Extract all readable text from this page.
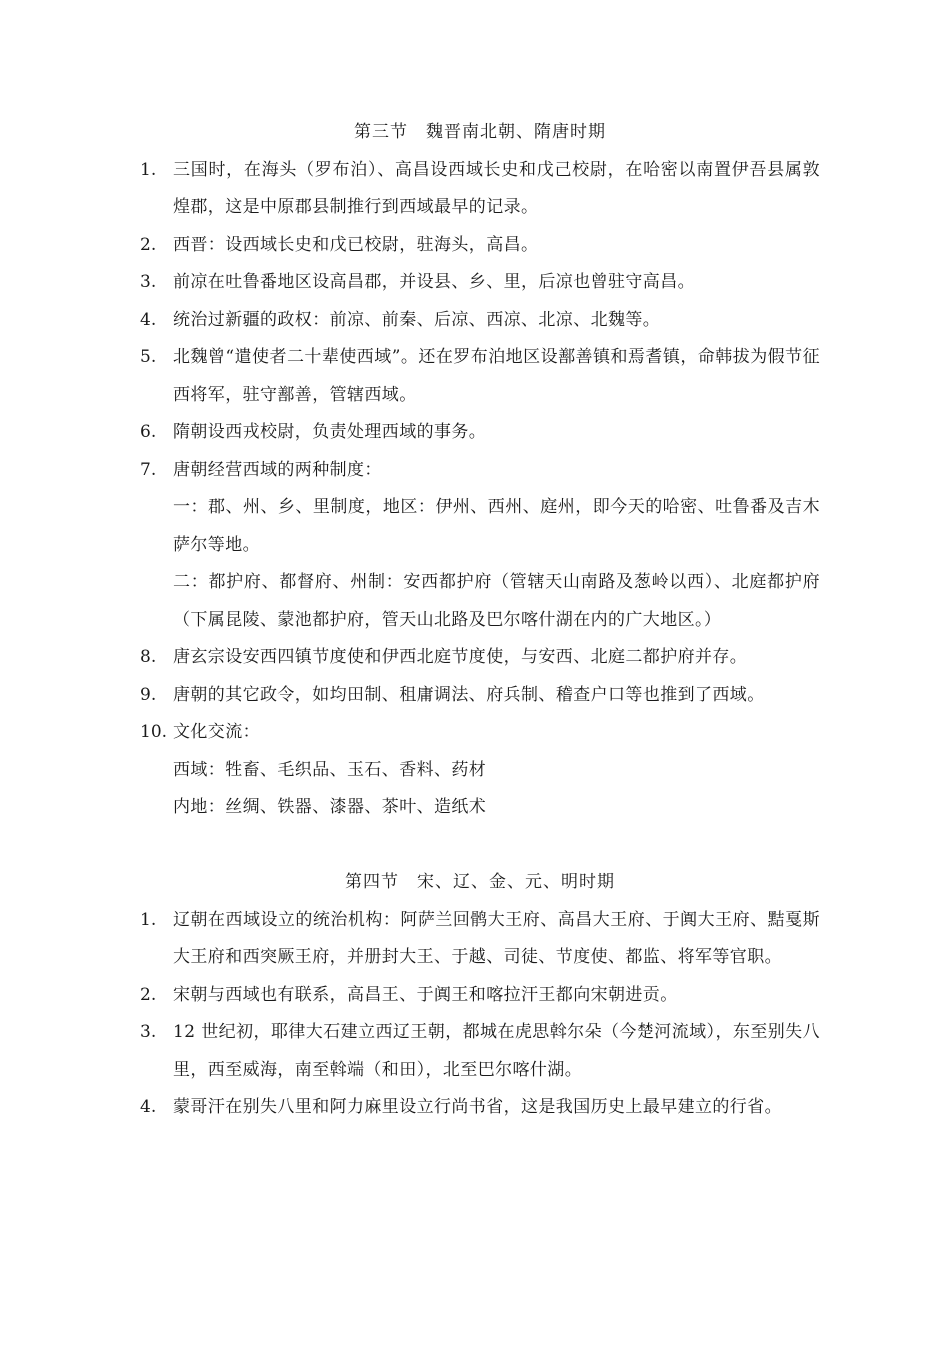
第三节 魏晋南北朝、隋唐时期

1. 三国时，在海头（罗布泊）、高昌设西域长史和戊己校尉，在哈密以南置伊吾县属敦煌郡，这是中原郡县制推行到西域最早的记录。

2. 西晋：设西域长史和戊已校尉，驻海头，高昌。

3. 前凉在吐鲁番地区设高昌郡，并设县、乡、里，后凉也曾驻守高昌。

4. 统治过新疆的政权：前凉、前秦、后凉、西凉、北凉、北魏等。

5. 北魏曾“遣使者二十辈使西域”。还在罗布泊地区设鄯善镇和焉耆镇，命韩拔为假节征西将军，驻守鄯善，管辖西域。

6. 隋朝设西戎校尉，负责处理西域的事务。

7. 唐朝经营西域的两种制度：

一：郡、州、乡、里制度，地区：伊州、西州、庭州，即今天的哈密、吐鲁番及吉木萨尔等地。
二：都护府、都督府、州制：安西都护府（管辖天山南路及葱岭以西）、北庭都护府（下属昆陵、蒙池都护府，管天山北路及巴尔喀什湖在内的广大地区。）

8. 唐玄宗设安西四镇节度使和伊西北庭节度使，与安西、北庭二都护府并存。

9. 唐朝的其它政令，如均田制、租庸调法、府兵制、稽查户口等也推到了西域。

10. 文化交流：

西域：牲畜、毛织品、玉石、香料、药材
内地：丝绸、铁器、漆器、茶叶、造纸术

第四节 宋、辽、金、元、明时期

1. 辽朝在西域设立的统治机构：阿萨兰回鹘大王府、高昌大王府、于阗大王府、黠戛斯大王府和西突厥王府，并册封大王、于越、司徒、节度使、都监、将军等官职。

2. 宋朝与西域也有联系，高昌王、于阗王和喀拉汗王都向宋朝进贡。

3. 12 世纪初，耶律大石建立西辽王朝，都城在虎思斡尔朵（今楚河流域），东至别失八里，西至威海，南至斡端（和田），北至巴尔喀什湖。

4. 蒙哥汗在别失八里和阿力麻里设立行尚书省，这是我国历史上最早建立的行省。
